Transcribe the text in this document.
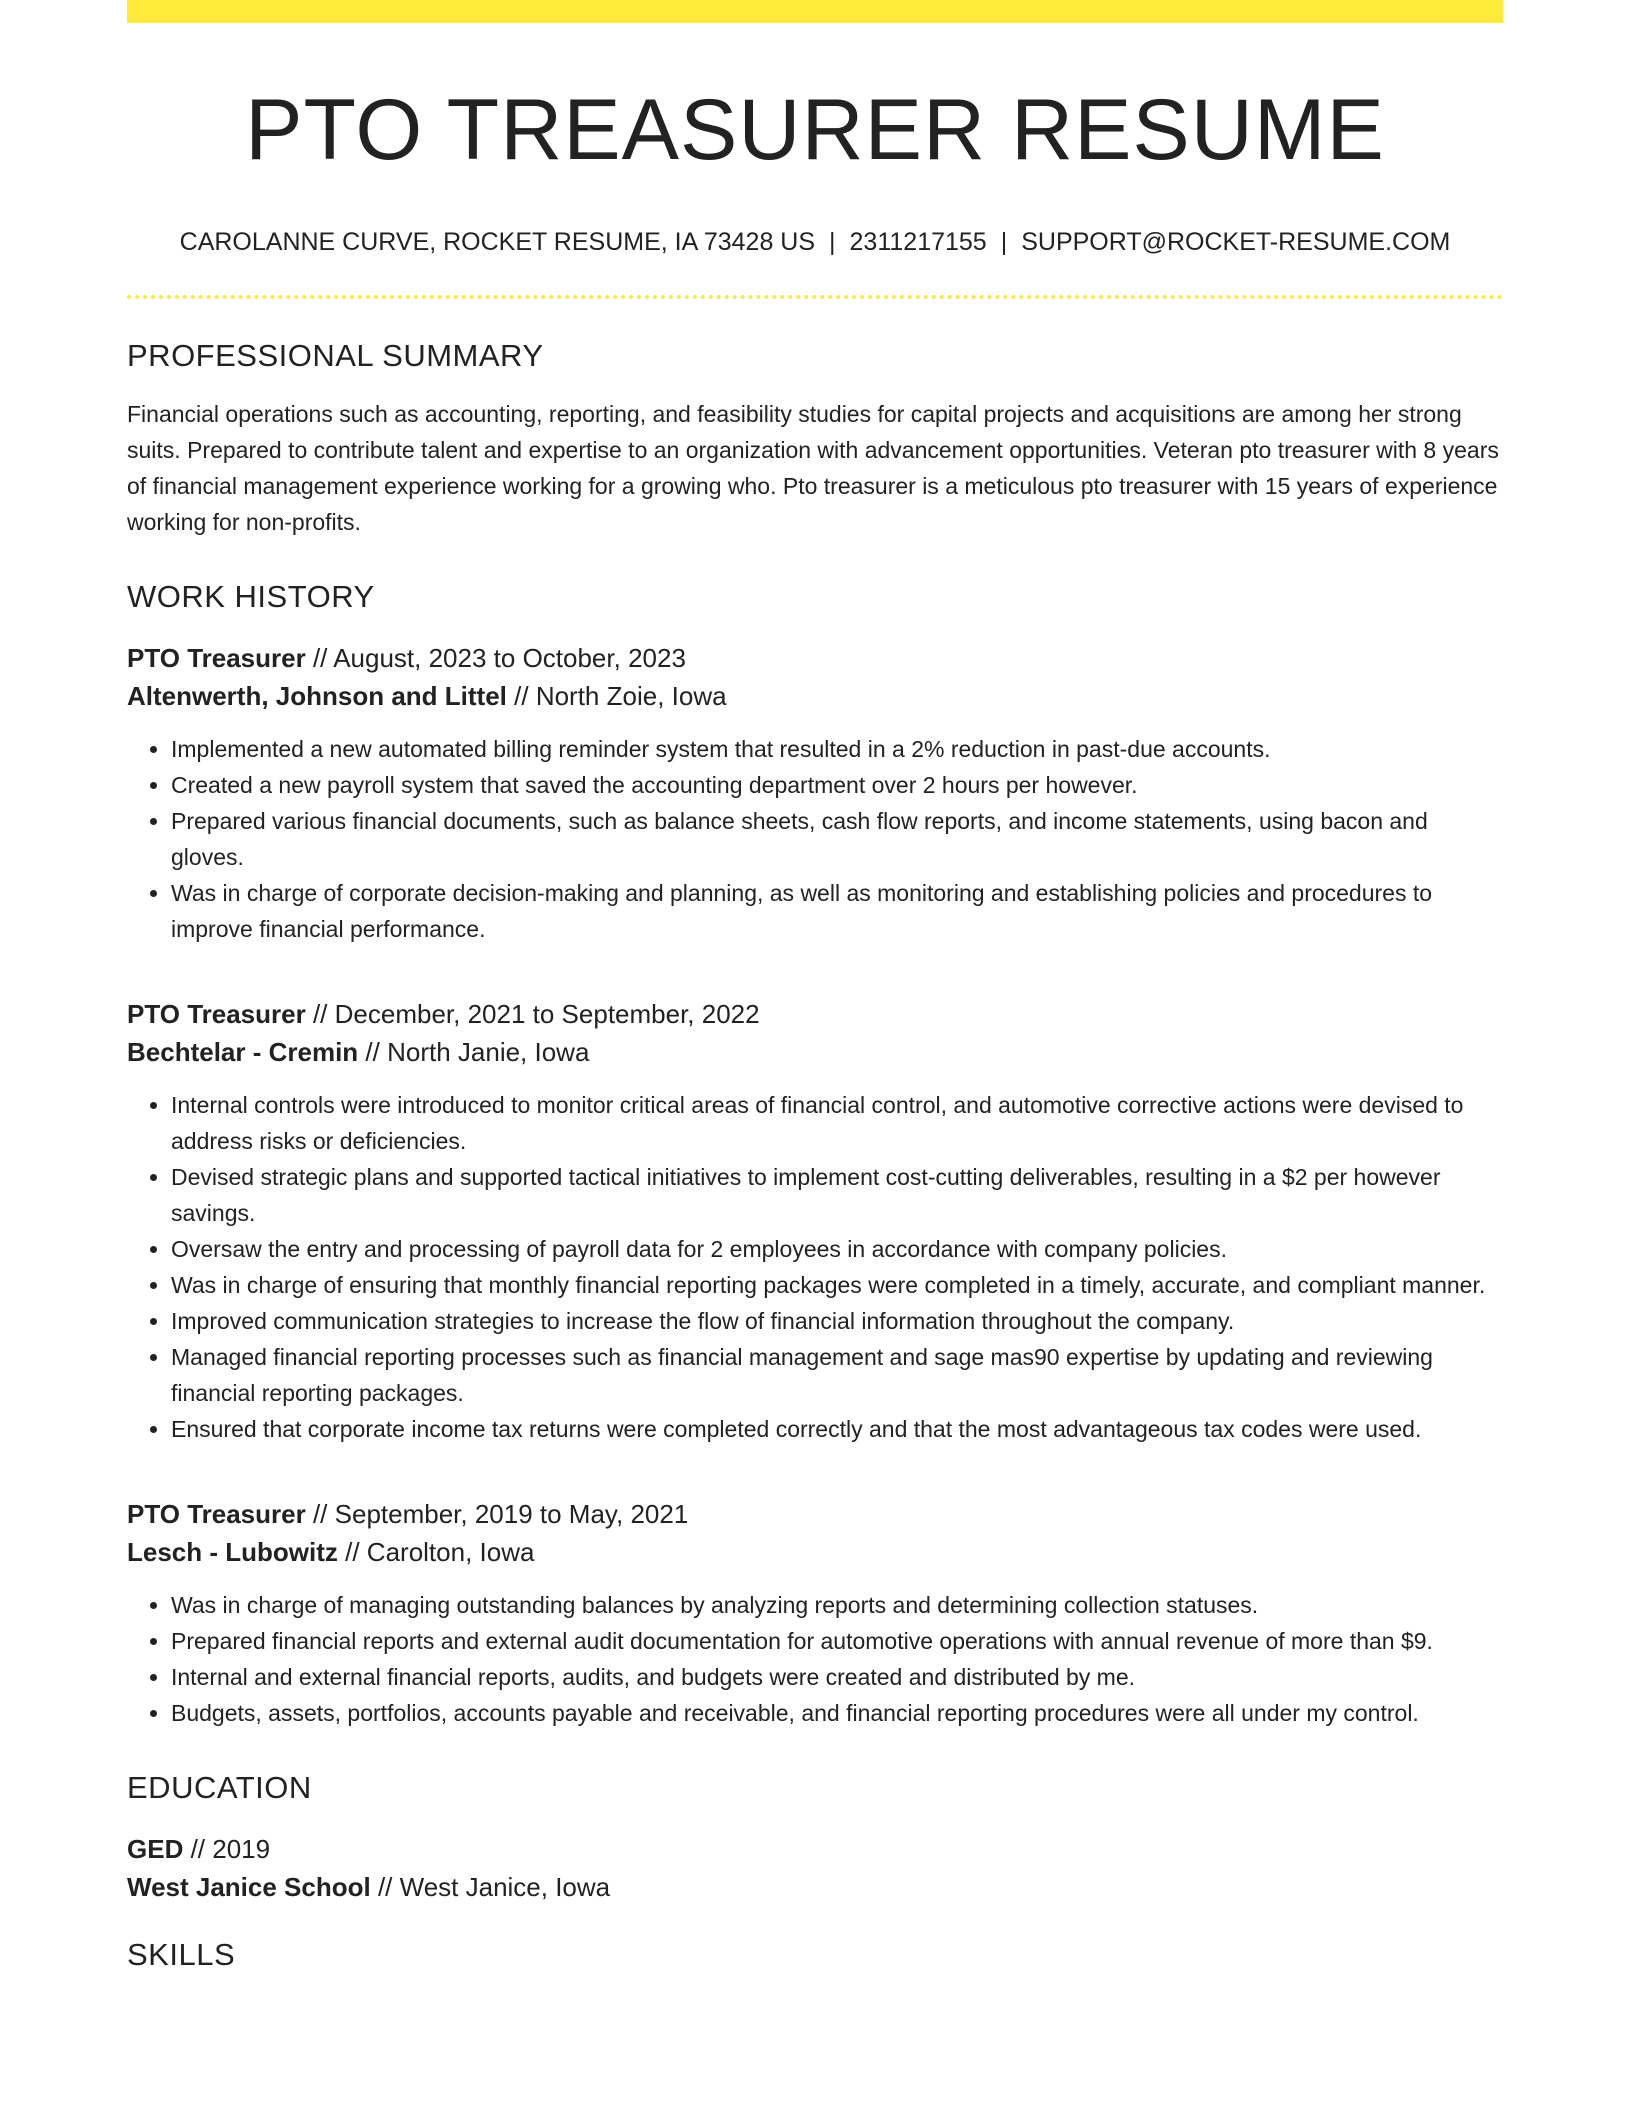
PTO TREASURER RESUME
CAROLANNE CURVE, ROCKET RESUME, IA 73428 US | 2311217155 | SUPPORT@ROCKET-RESUME.COM
PROFESSIONAL SUMMARY

Financial operations such as accounting, reporting, and feasibility studies for capital projects and acquisitions are among her strong suits. Prepared to contribute talent and expertise to an organization with advancement opportunities. Veteran pto treasurer with 8 years of financial management experience working for a growing who. Pto treasurer is a meticulous pto treasurer with 15 years of experience working for non-profits.

WORK HISTORY
PTO Treasurer // August, 2023 to October, 2023
Altenwerth, Johnson and Littel // North Zoie, Iowa
• Implemented a new automated billing reminder system that resulted in a 2% reduction in past-due accounts.
• Created a new payroll system that saved the accounting department over 2 hours per however.
• Prepared various financial documents, such as balance sheets, cash flow reports, and income statements, using bacon and gloves.
• Was in charge of corporate decision-making and planning, as well as monitoring and establishing policies and procedures to improve financial performance.
PTO Treasurer // December, 2021 to September, 2022
Bechtelar - Cremin // North Janie, Iowa
• Internal controls were introduced to monitor critical areas of financial control, and automotive corrective actions were devised to address risks or deficiencies.
• Devised strategic plans and supported tactical initiatives to implement cost-cutting deliverables, resulting in a $2 per however savings.
• Oversaw the entry and processing of payroll data for 2 employees in accordance with company policies.
• Was in charge of ensuring that monthly financial reporting packages were completed in a timely, accurate, and compliant manner.
• Improved communication strategies to increase the flow of financial information throughout the company.
• Managed financial reporting processes such as financial management and sage mas90 expertise by updating and reviewing financial reporting packages.
• Ensured that corporate income tax returns were completed correctly and that the most advantageous tax codes were used.
PTO Treasurer // September, 2019 to May, 2021
Lesch - Lubowitz // Carolton, Iowa
• Was in charge of managing outstanding balances by analyzing reports and determining collection statuses.
• Prepared financial reports and external audit documentation for automotive operations with annual revenue of more than $9.
• Internal and external financial reports, audits, and budgets were created and distributed by me.
• Budgets, assets, portfolios, accounts payable and receivable, and financial reporting procedures were all under my control.
EDUCATION
GED // 2019
West Janice School // West Janice, Iowa
SKILLS
